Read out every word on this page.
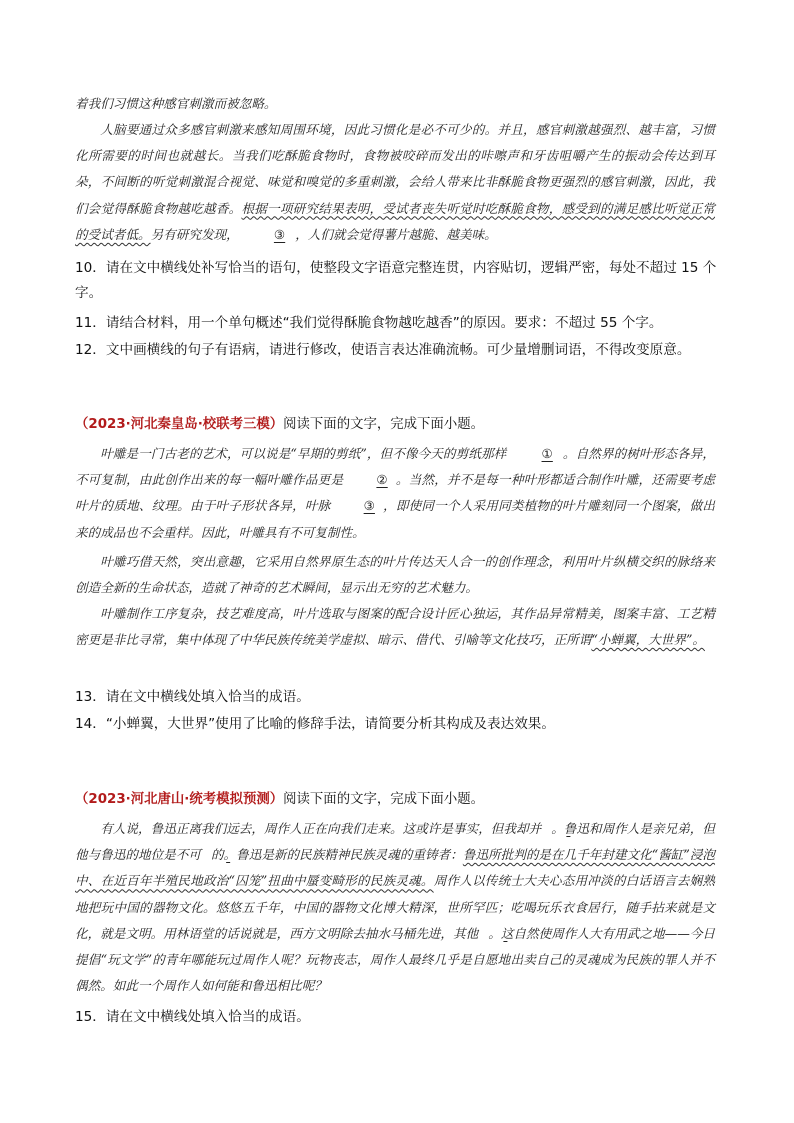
着我们习惯这种感官刺激而被忽略。

人脑要通过众多感官刺激来感知周围环境，因此习惯化是必不可少的。并且，感官刺激越强烈、越丰富，习惯化所需要的时间也就越长。当我们吃酥脆食物时，食物被咬碎而发出的咔嚓声和牙齿咀嚼产生的振动会传达到耳朵，不间断的听觉刺激混合视觉、味觉和嗅觉的多重刺激，会给人带来比非酥脆食物更强烈的感官刺激，因此，我们会觉得酥脆食物越吃越香。根据一项研究结果表明，受试者丧失听觉时吃酥脆食物，感受到的满足感比听觉正常的受试者低。另有研究发现，	③ ，人们就会觉得薯片越脆、越美味。

10．请在文中横线处补写恰当的语句，使整段文字语意完整连贯，内容贴切，逻辑严密，每处不超过 15 个字。

11．请结合材料，用一个单句概述“我们觉得酥脆食物越吃越香”的原因。要求：不超过 55 个字。

12．文中画横线的句子有语病，请进行修改，使语言表达准确流畅。可少量增删词语，不得改变原意。

（2023·河北秦皇岛·校联考三模）阅读下面的文字，完成下面小题。

叶雕是一门古老的艺术，可以说是“早期的剪纸”，但不像今天的剪纸那样	① 。自然界的树叶形态各异，不可复制，由此创作出来的每一幅叶雕作品更是	② 。当然，并不是每一种叶形都适合制作叶雕，还需要考虑叶片的质地、纹理。由于叶子形状各异，叶脉	③ ，即使同一个人采用同类植物的叶片雕刻同一个图案，做出来的成品也不会重样。因此，叶雕具有不可复制性。

叶雕巧借天然，突出意趣，它采用自然界原生态的叶片传达天人合一的创作理念，利用叶片纵横交织的脉络来创造全新的生命状态，造就了神奇的艺术瞬间，显示出无穷的艺术魅力。

叶雕制作工序复杂，技艺难度高，叶片选取与图案的配合设计匠心独运，其作品异常精美，图案丰富、工艺精密更是非比寻常，集中体现了中华民族传统美学虚拟、暗示、借代、引喻等文化技巧，正所谓“小蝉翼，大世界”。

13．请在文中横线处填入恰当的成语。

14．“小蝉翼，大世界”使用了比喻的修辞手法，请简要分析其构成及表达效果。

（2023·河北唐山·统考模拟预测）阅读下面的文字，完成下面小题。

有人说，鲁迅正离我们远去，周作人正在向我们走来。这或许是事实，但我却并 。鲁迅和周作人是亲兄弟，但他与鲁迅的地位是不可 的。鲁迅是新的民族精神民族灵魂的重铸者：鲁迅所批判的是在几千年封建文化“酱缸”浸泡中、在近百年半殖民地政治“囚笼”扭曲中蜃变畸形的民族灵魂。周作人以传统士大夫心态用冲淡的白话语言去娴熟地把玩中国的器物文化。悠悠五千年，中国的器物文化博大精深，世所罕匹；吃喝玩乐衣食居行，随手拈来就是文化，就是文明。用林语堂的话说就是，西方文明除去抽水马桶先进，其他 。这自然使周作人大有用武之地——今日提倡“玩文学”的青年哪能玩过周作人呢？玩物丧志，周作人最终几乎是自愿地出卖自己的灵魂成为民族的罪人并不偶然。如此一个周作人如何能和鲁迅相比呢？

15．请在文中横线处填入恰当的成语。
